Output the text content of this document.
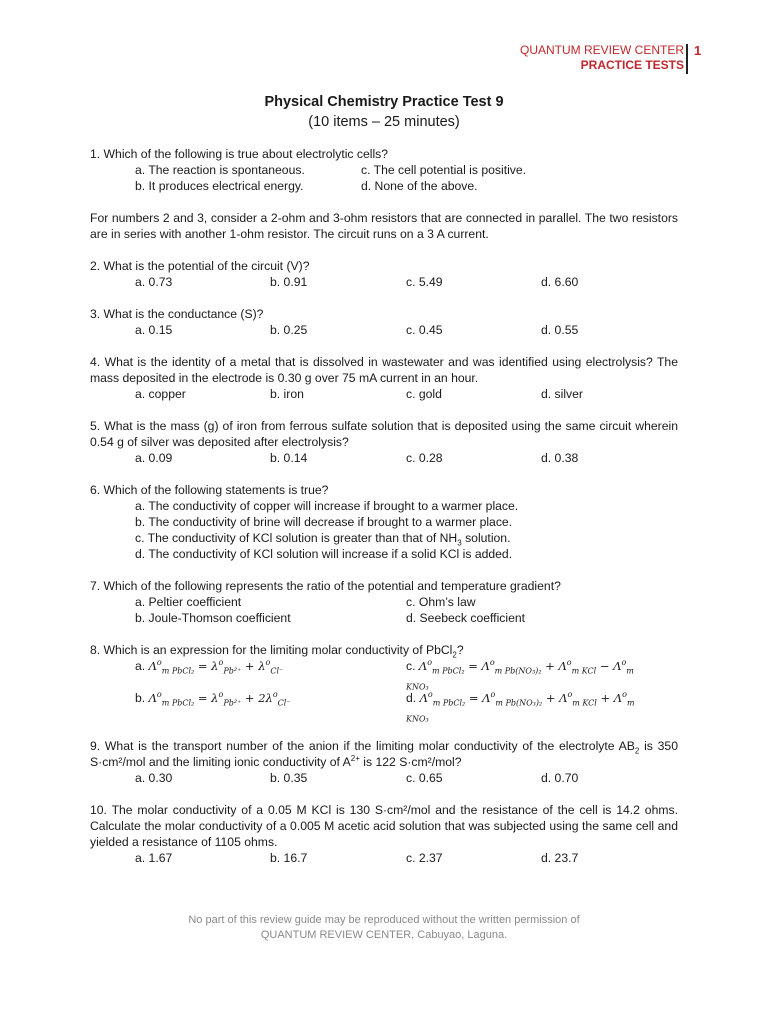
QUANTUM REVIEW CENTER
PRACTICE TESTS
1
Physical Chemistry Practice Test 9
(10 items – 25 minutes)
1. Which of the following is true about electrolytic cells?
a. The reaction is spontaneous.	c. The cell potential is positive.
b. It produces electrical energy.	d. None of the above.
For numbers 2 and 3, consider a 2-ohm and 3-ohm resistors that are connected in parallel. The two resistors are in series with another 1-ohm resistor. The circuit runs on a 3 A current.
2. What is the potential of the circuit (V)?
a. 0.73	b. 0.91	c. 5.49	d. 6.60
3. What is the conductance (S)?
a. 0.15	b. 0.25	c. 0.45	d. 0.55
4. What is the identity of a metal that is dissolved in wastewater and was identified using electrolysis? The mass deposited in the electrode is 0.30 g over 75 mA current in an hour.
a. copper	b. iron	c. gold	d. silver
5. What is the mass (g) of iron from ferrous sulfate solution that is deposited using the same circuit wherein 0.54 g of silver was deposited after electrolysis?
a. 0.09	b. 0.14	c. 0.28	d. 0.38
6. Which of the following statements is true?
a. The conductivity of copper will increase if brought to a warmer place.
b. The conductivity of brine will decrease if brought to a warmer place.
c. The conductivity of KCl solution is greater than that of $NH_3$ solution.
d. The conductivity of KCl solution will increase if a solid KCl is added.
7. Which of the following represents the ratio of the potential and temperature gradient?
a. Peltier coefficient	c. Ohm’s law
b. Joule-Thomson coefficient	d. Seebeck coefficient
8. Which is an expression for the limiting molar conductivity of PbCl$_2$?
a. $\Lambda^o_{m PbCl_2} = \lambda^o_{Pb^{2+}} + \lambda^o_{Cl^-}$	c. $\Lambda^o_{m PbCl_2} = \Lambda^o_{m Pb(NO_3)_2} + \Lambda^o_{m KCl} - \Lambda^o_{m KNO_3}$
b. $\Lambda^o_{m PbCl_2} = \lambda^o_{Pb^{2+}} + 2\lambda^o_{Cl^-}$	d. $\Lambda^o_{m PbCl_2} = \Lambda^o_{m Pb(NO_3)_2} + \Lambda^o_{m KCl} + \Lambda^o_{m KNO_3}$
9. What is the transport number of the anion if the limiting molar conductivity of the electrolyte $AB_2$ is 350 S·cm²/mol and the limiting ionic conductivity of $A^{2+}$ is 122 S·cm²/mol?
a. 0.30	b. 0.35	c. 0.65	d. 0.70
10. The molar conductivity of a 0.05 M KCl is 130 S·cm²/mol and the resistance of the cell is 14.2 ohms. Calculate the molar conductivity of a 0.005 M acetic acid solution that was subjected using the same cell and yielded a resistance of 1105 ohms.
a. 1.67	b. 16.7	c. 2.37	d. 23.7
No part of this review guide may be reproduced without the written permission of
QUANTUM REVIEW CENTER, Cabuyao, Laguna.
